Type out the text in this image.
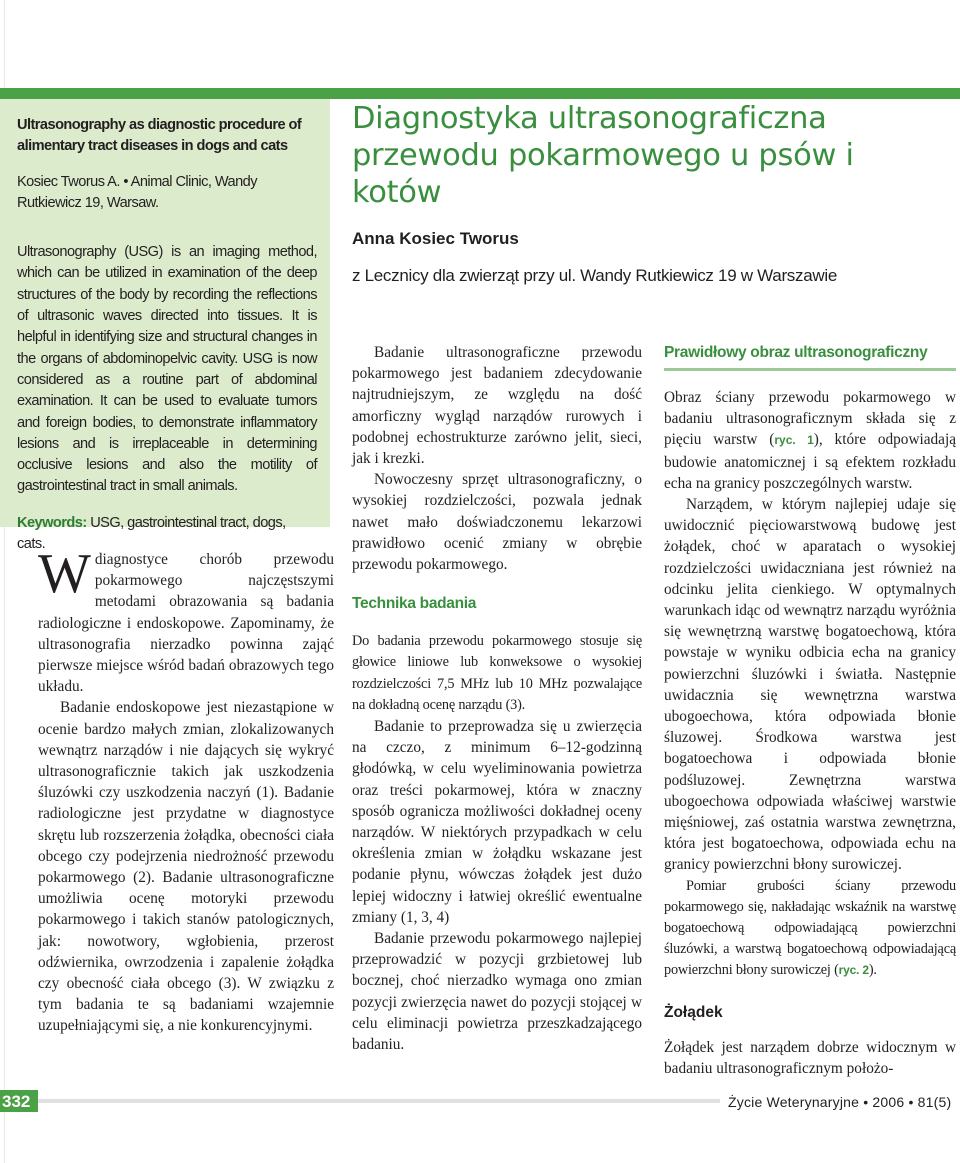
Ultrasonography as diagnostic procedure of alimentary tract diseases in dogs and cats

Kosiec Tworus A. • Animal Clinic, Wandy Rutkiewicz 19, Warsaw.

Ultrasonography (USG) is an imaging method, which can be utilized in examination of the deep structures of the body by recording the reflections of ultrasonic waves directed into tissues. It is helpful in identifying size and structural changes in the organs of abdominopelvic cavity. USG is now considered as a routine part of abdominal examination. It can be used to evaluate tumors and foreign bodies, to demonstrate inflammatory lesions and is irreplaceable in determining occlusive lesions and also the motility of gastrointestinal tract in small animals.

Keywords: USG, gastrointestinal tract, dogs, cats.

Diagnostyka ultrasonograficzna przewodu pokarmowego u psów i kotów

Anna Kosiec Tworus

z Lecznicy dla zwierząt przy ul. Wandy Rutkiewicz 19 w Warszawie

Wdiagnostyce chorób przewodu pokarmowego najczęstszymi metodami obrazowania są badania radiologiczne i endoskopowe. Zapominamy, że ultrasonografia nierzadko powinna zająć pierwsze miejsce wśród badań obrazowych tego układu.

Badanie endoskopowe jest niezastąpione w ocenie bardzo małych zmian, zlokalizowanych wewnątrz narządów i nie dających się wykryć ultrasonograficznie takich jak uszkodzenia śluzówki czy uszkodzenia naczyń (1). Badanie radiologiczne jest przydatne w diagnostyce skrętu lub rozszerzenia żołądka, obecności ciała obcego czy podejrzenia niedrożność przewodu pokarmowego (2). Badanie ultrasonograficzne umożliwia ocenę motoryki przewodu pokarmowego i takich stanów patologicznych, jak: nowotwory, wgłobienia, przerost odźwiernika, owrzodzenia i zapalenie żołądka czy obecność ciała obcego (3). W związku z tym badania te są badaniami wzajemnie uzupełniającymi się, a nie konkurencyjnymi.

Badanie ultrasonograficzne przewodu pokarmowego jest badaniem zdecydowanie najtrudniejszym, ze względu na dość amorficzny wygląd narządów rurowych i podobnej echostrukturze zarówno jelit, sieci, jak i krezki.

Nowoczesny sprzęt ultrasonograficzny, o wysokiej rozdzielczości, pozwala jednak nawet mało doświadczonemu lekarzowi prawidłowo ocenić zmiany w obrębie przewodu pokarmowego.

Technika badania

Do badania przewodu pokarmowego stosuje się głowice liniowe lub konweksowe o wysokiej rozdzielczości 7,5 MHz lub 10 MHz pozwalające na dokładną ocenę narządu (3).

Badanie to przeprowadza się u zwierzęcia na czczo, z minimum 6–12-godzinną głodówką, w celu wyeliminowania powietrza oraz treści pokarmowej, która w znaczny sposób ogranicza możliwości dokładnej oceny narządów. W niektórych przypadkach w celu określenia zmian w żołądku wskazane jest podanie płynu, wówczas żołądek jest dużo lepiej widoczny i łatwiej określić ewentualne zmiany (1, 3, 4)

Badanie przewodu pokarmowego najlepiej przeprowadzić w pozycji grzbietowej lub bocznej, choć nierzadko wymaga ono zmian pozycji zwierzęcia nawet do pozycji stojącej w celu eliminacji powietrza przeszkadzającego badaniu.

Prawidłowy obraz ultrasonograficzny

Obraz ściany przewodu pokarmowego w badaniu ultrasonograficznym składa się z pięciu warstw (ryc. 1), które odpowiadają budowie anatomicznej i są efektem rozkładu echa na granicy poszczególnych warstw.

Narządem, w którym najlepiej udaje się uwidocznić pięciowarstwową budowę jest żołądek, choć w aparatach o wysokiej rozdzielczości uwidaczniana jest również na odcinku jelita cienkiego. W optymalnych warunkach idąc od wewnątrz narządu wyróżnia się wewnętrzną warstwę bogatoechową, która powstaje w wyniku odbicia echa na granicy powierzchni śluzówki i światła. Następnie uwidacznia się wewnętrzna warstwa ubogoechowa, która odpowiada błonie śluzowej. Środkowa warstwa jest bogatoechowa i odpowiada błonie podśluzowej. Zewnętrzna warstwa ubogoechowa odpowiada właściwej warstwie mięśniowej, zaś ostatnia warstwa zewnętrzna, która jest bogatoechowa, odpowiada echu na granicy powierzchni błony surowiczej.

Pomiar grubości ściany przewodu pokarmowego się, nakładając wskaźnik na warstwę bogatoechową odpowiadającą powierzchni śluzówki, a warstwą bogatoechową odpowiadającą powierzchni błony surowiczej (ryc. 2).

Żołądek

Żołądek jest narządem dobrze widocznym w badaniu ultrasonograficznym położo-

332	Życie Weterynaryjne • 2006 • 81(5)
